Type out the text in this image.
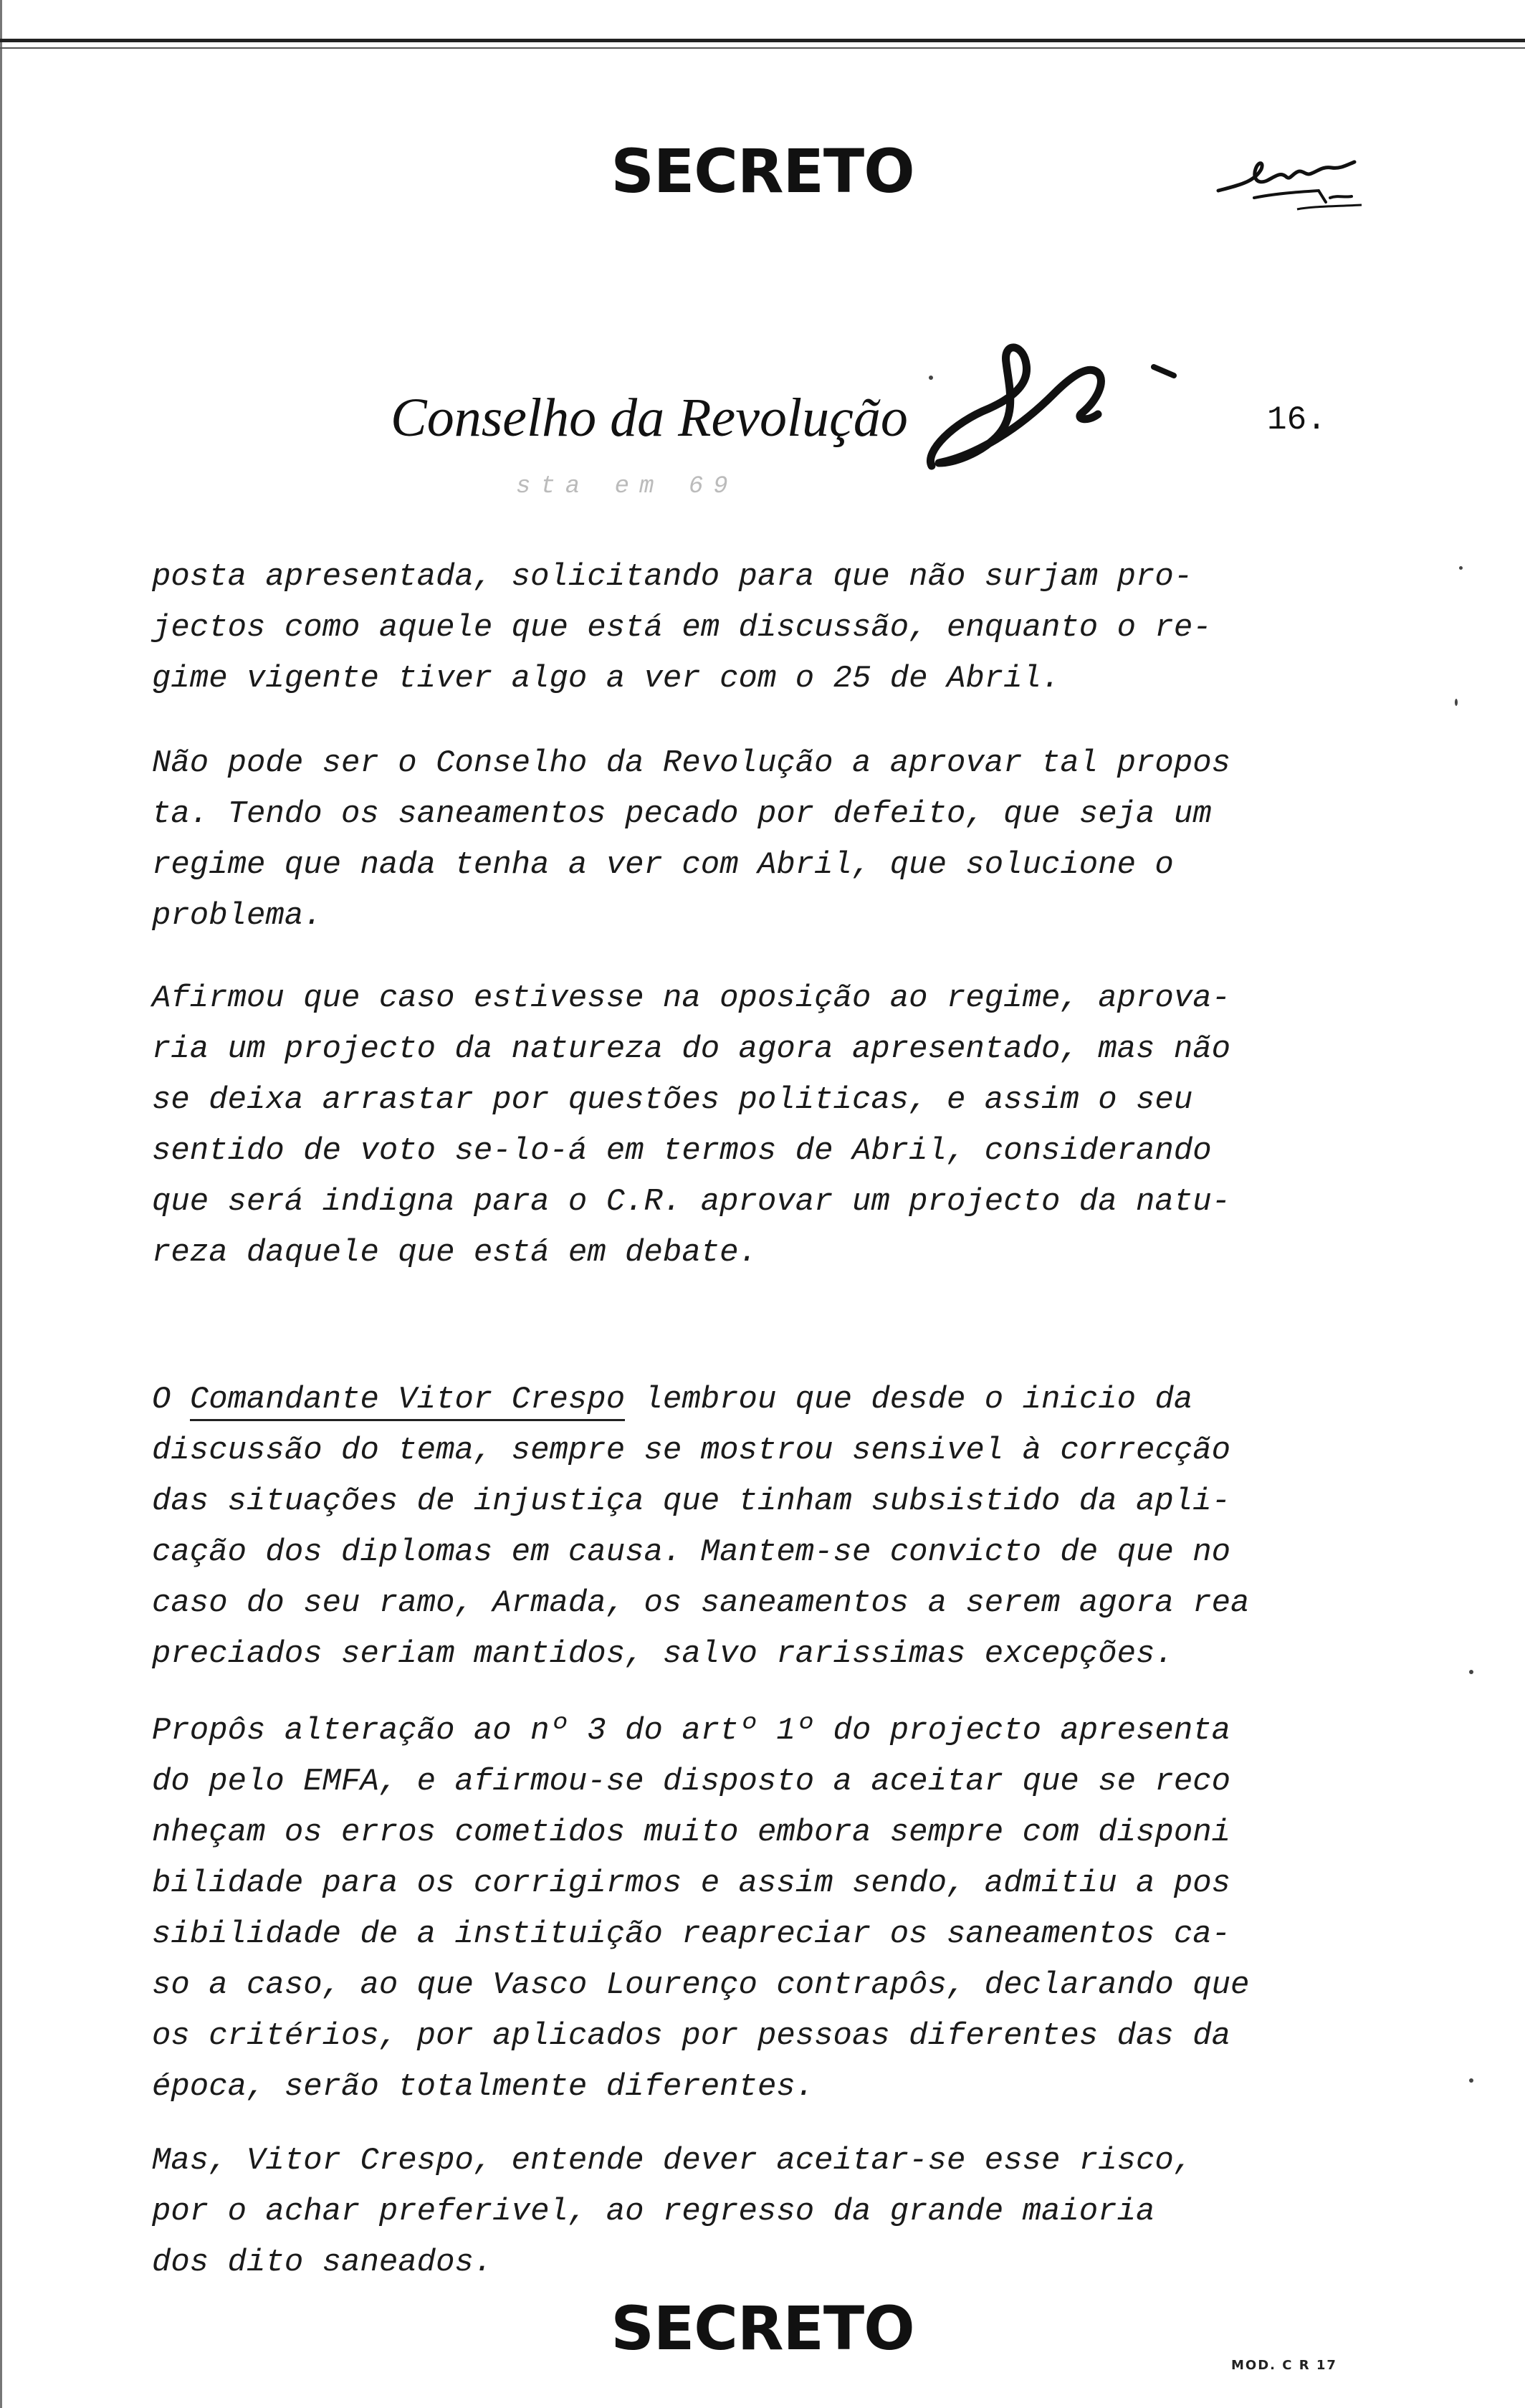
SECRETO
Conselho da Revolução	16.
sta em 69
posta apresentada, solicitando para que não surjam pro-
jectos como aquele que está em discussão, enquanto o re-
gime vigente tiver algo a ver com o 25 de Abril.
Não pode ser o Conselho da Revolução a aprovar tal propos
ta. Tendo os saneamentos pecado por defeito, que seja um
regime que nada tenha a ver com Abril, que solucione o
problema.
Afirmou que caso estivesse na oposição ao regime, aprova-
ria um projecto da natureza do agora apresentado, mas não
se deixa arrastar por questões politicas, e assim o seu
sentido de voto se-lo-á em termos de Abril, considerando
que será indigna para o C.R. aprovar um projecto da natu-
reza daquele que está em debate.
O Comandante Vitor Crespo lembrou que desde o inicio da
discussão do tema, sempre se mostrou sensivel à correcção
das situações de injustiça que tinham subsistido da apli-
cação dos diplomas em causa. Mantem-se convicto de que no
caso do seu ramo, Armada, os saneamentos a serem agora rea
preciados seriam mantidos, salvo rarissimas excepções.
Propôs alteração ao nº 3 do artº 1º do projecto apresenta
do pelo EMFA, e afirmou-se disposto a aceitar que se reco
nheçam os erros cometidos muito embora sempre com disponi
bilidade para os corrigirmos e assim sendo, admitiu a pos
sibilidade de a instituição reapreciar os saneamentos ca-
so a caso, ao que Vasco Lourenço contrapôs, declarando que
os critérios, por aplicados por pessoas diferentes das da
época, serão totalmente diferentes.
Mas, Vitor Crespo, entende dever aceitar-se esse risco,
por o achar preferivel, ao regresso da grande maioria
dos dito saneados.
SECRETO
MOD. C R 17
